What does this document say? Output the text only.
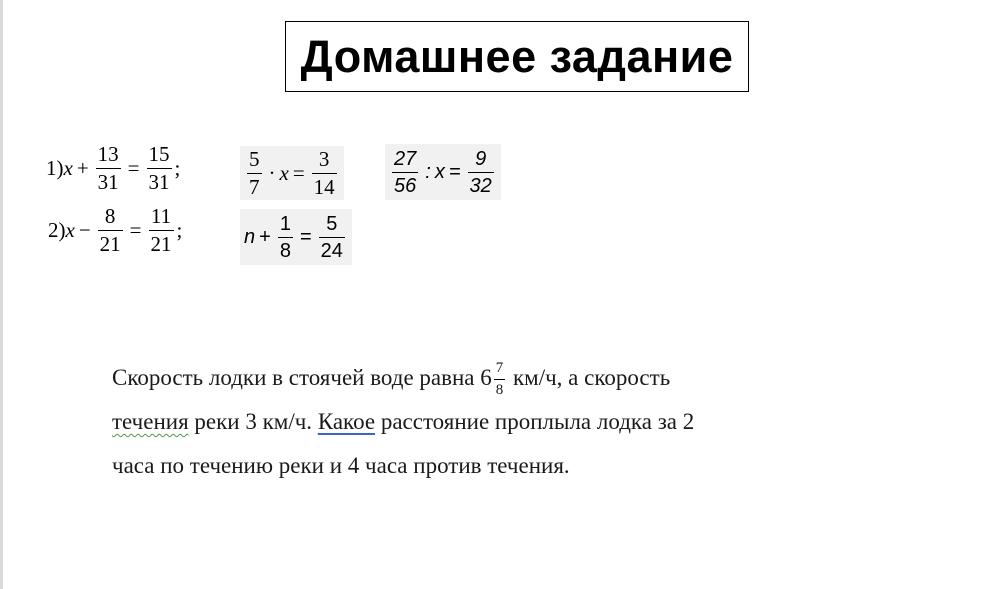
Домашнее задание
1) $x + \frac{13}{31} = \frac{15}{31}$ ;	$\frac{5}{7} \cdot x = \frac{3}{14}$	$\frac{27}{56}$ : $x = \frac{9}{32}$
2) $x - \frac{8}{21} = \frac{11}{21}$ ;	$n + \frac{1}{8} = \frac{5}{24}$
Скорость лодки в стоячей воде равна $6 \frac{7}{8} км/ч$, а скорость
течения реки 3 км/ч. Какое расстояние проплыла лодка за 2
часа по течению реки и 4 часа против течения.
